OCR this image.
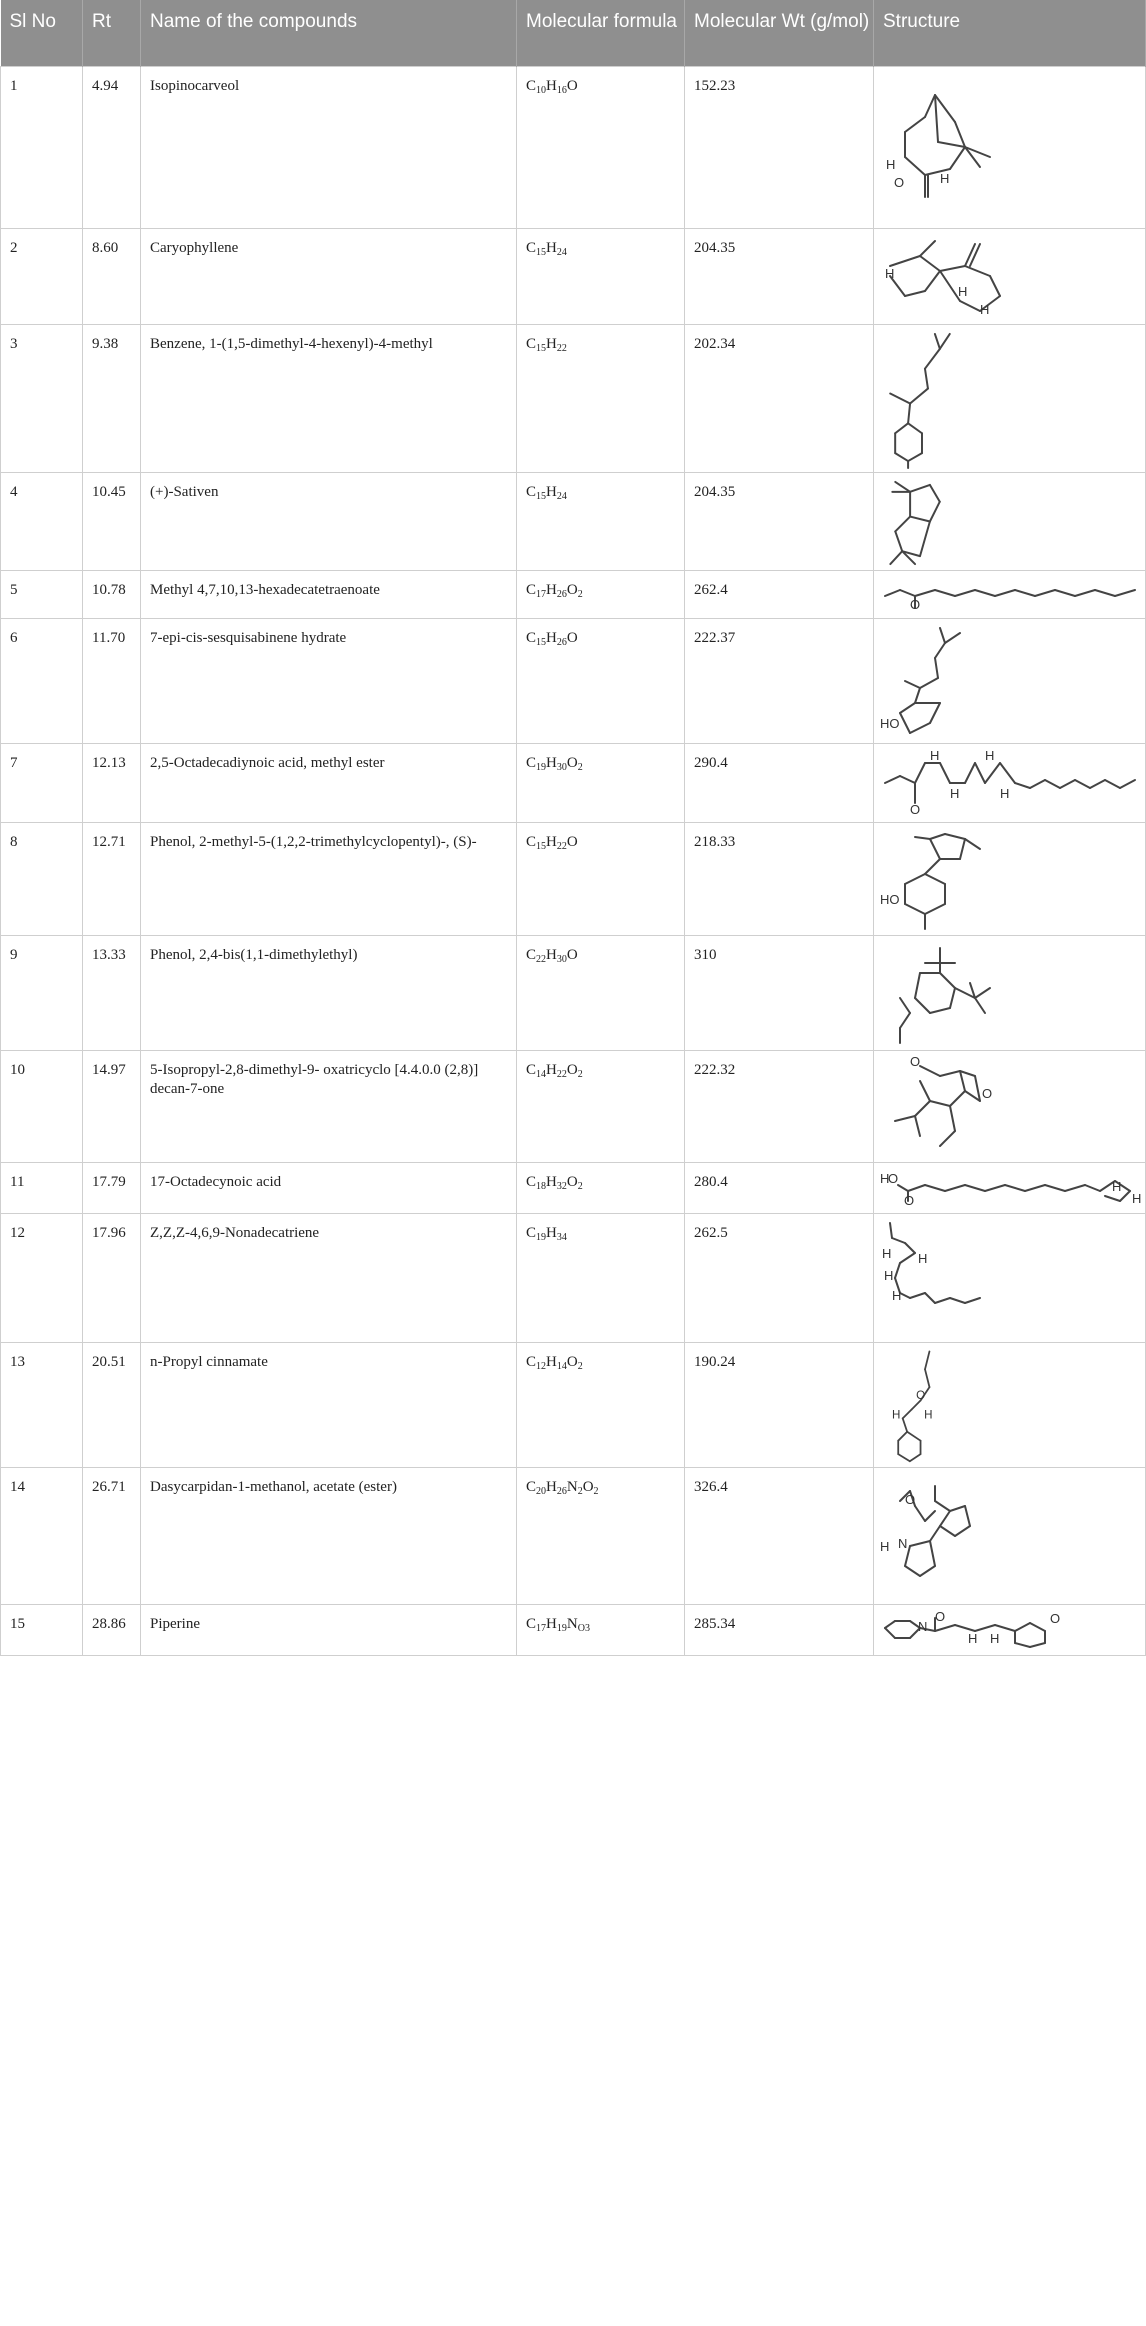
Sl No	Rt	Name of the compounds	Molecular formula	Molecular Wt (g/mol)	Structure
1	4.94	Isopinocarveol	$C_{10}H_{16}O$	152.23	H
O H

2	8.60	Caryophyllene	$C_{15}H_{24}$	204.35	H
H
H

3	9.38	Benzene, 1-(1,5-dimethyl-4-hexenyl)-4-methyl	$C_{15}H_{22}$	202.34	

4	10.45	(+)-Sativen	$C_{15}H_{24}$	204.35	

5	10.78	Methyl 4,7,10,13-hexadecatetraenoate	$C_{17}H_{26}O_2$	262.4	O

6	11.70	7-epi-cis-sesquisabinene hydrate	$C_{15}H_{26}O$	222.37	HO

7	12.13	2,5-Octadecadiynoic acid, methyl ester	$C_{19}H_{30}O_2$	290.4	O
H
H
H
H

8	12.71	Phenol, 2-methyl-5-(1,2,2-trimethylcyclopentyl)-, (S)-	$C_{15}H_{22}O$	218.33	HO

9	13.33	Phenol, 2,4-bis(1,1-dimethylethyl)	$C_{22}H_{30}O$	310	

10	14.97	5-Isopropyl-2,8-dimethyl-9- oxatricyclo [4.4.0.0 (2,8)] decan-7-one	$C_{14}H_{22}O_2$	222.32	O
O

11	17.79	17-Octadecynoic acid	$C_{18}H_{32}O_2$	280.4	H
O
O
H
H

12	17.96	Z,Z,Z-4,6,9-Nonadecatriene	$C_{19}H_{34}$	262.5	H H
H
H

13	20.51	n-Propyl cinnamate	$C_{12}H_{14}O_2$	190.24	O
H H

14	26.71	Dasycarpidan-1-methanol, acetate (ester)	$C_{20}H_{26}N_2O_2$	326.4	O
H N

15	28.86	Piperine	$C_{17}H_{19}N_{O3}$	285.34	N
O
H H
O
